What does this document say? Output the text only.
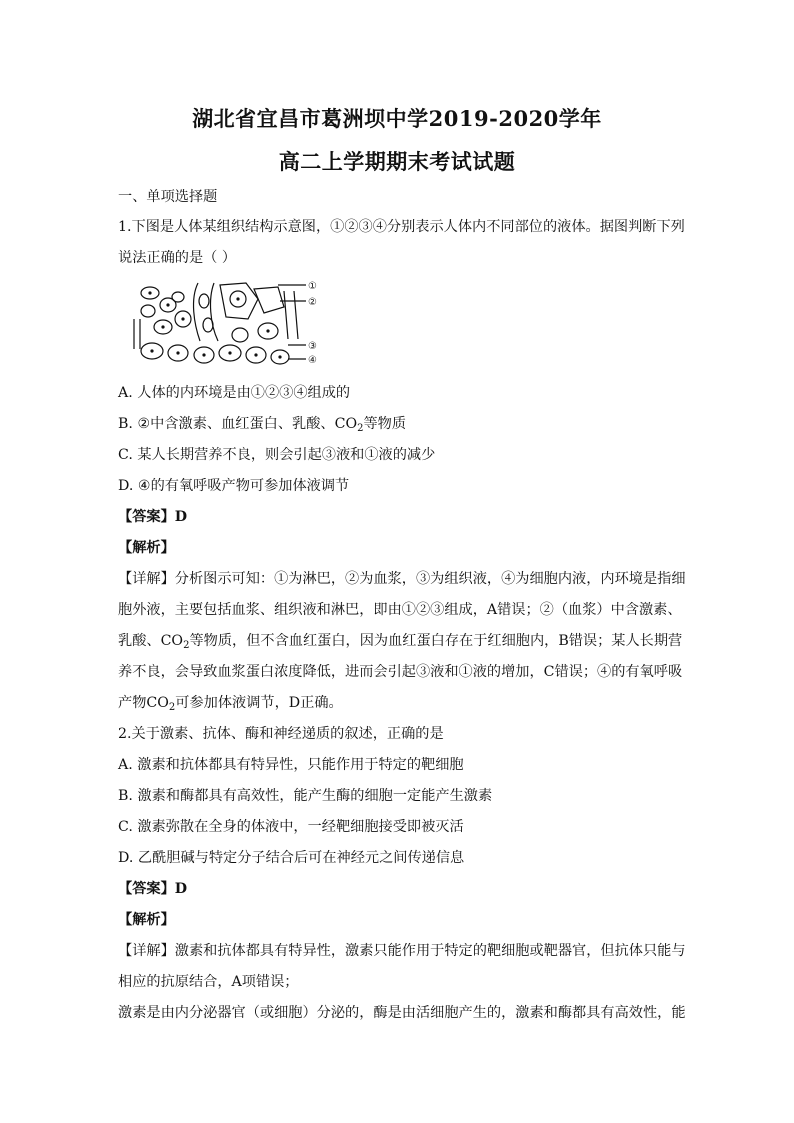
湖北省宜昌市葛洲坝中学2019-2020学年
高二上学期期末考试试题
一、单项选择题
1.下图是人体某组织结构示意图，①②③④分别表示人体内不同部位的液体。据图判断下列
说法正确的是（ ）
①
②
③
④
A. 人体的内环境是由①②③④组成的
B. ②中含激素、血红蛋白、乳酸、$CO_2$等物质
C. 某人长期营养不良，则会引起③液和①液的减少
D. ④的有氧呼吸产物可参加体液调节
【答案】D
【解析】
【详解】分析图示可知：①为淋巴，②为血浆，③为组织液，④为细胞内液，内环境是指细
胞外液，主要包括血浆、组织液和淋巴，即由①②③组成，A错误；②（血浆）中含激素、
乳酸、$CO_2$等物质，但不含血红蛋白，因为血红蛋白存在于红细胞内，B错误；某人长期营
养不良，会导致血浆蛋白浓度降低，进而会引起③液和①液的增加，C错误；④的有氧呼吸
产物$CO_2$可参加体液调节，D正确。
2.关于激素、抗体、酶和神经递质的叙述，正确的是
A. 激素和抗体都具有特异性，只能作用于特定的靶细胞
B. 激素和酶都具有高效性，能产生酶的细胞一定能产生激素
C. 激素弥散在全身的体液中，一经靶细胞接受即被灭活
D. 乙酰胆碱与特定分子结合后可在神经元之间传递信息
【答案】D
【解析】
【详解】激素和抗体都具有特异性，激素只能作用于特定的靶细胞或靶器官，但抗体只能与
相应的抗原结合，A项错误；
激素是由内分泌器官（或细胞）分泌的，酶是由活细胞产生的，激素和酶都具有高效性，能
